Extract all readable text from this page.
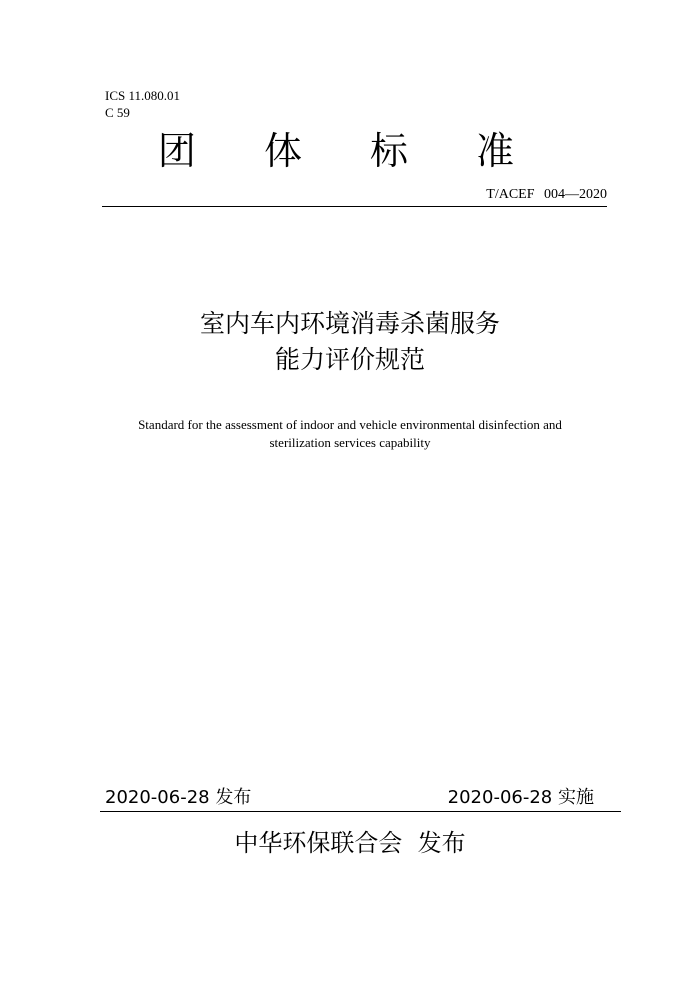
ICS 11.080.01
C 59
团 体 标 准
T/ACEF 004—2020
室内车内环境消毒杀菌服务
能力评价规范
Standard for the assessment of indoor and vehicle environmental disinfection and
sterilization services capability
2020-06-28 发布	2020-06-28 实施
中华环保联合会  发布
